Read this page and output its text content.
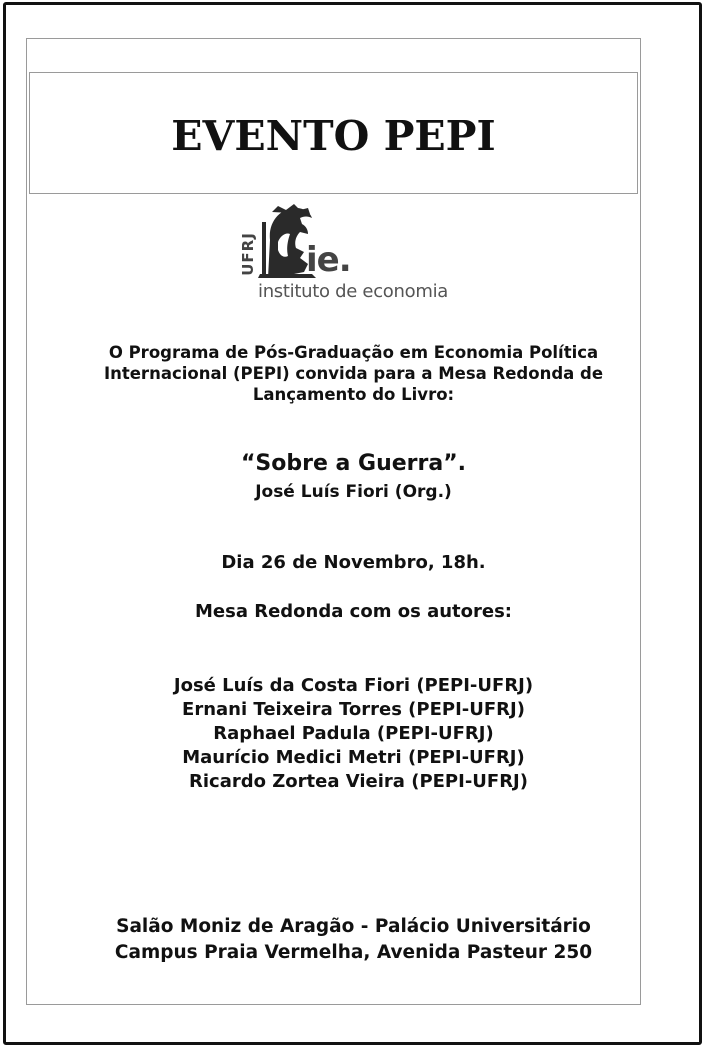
EVENTO PEPI
UFRJ ie.
instituto de economia
O Programa de Pós-Graduação em Economia Política
Internacional (PEPI) convida para a Mesa Redonda de
Lançamento do Livro:
“Sobre a Guerra”.
José Luís Fiori (Org.)
Dia 26 de Novembro, 18h.
Mesa Redonda com os autores:
José Luís da Costa Fiori (PEPI-UFRJ)
Ernani Teixeira Torres (PEPI-UFRJ)
Raphael Padula (PEPI-UFRJ)
Maurício Medici Metri (PEPI-UFRJ)
Ricardo Zortea Vieira (PEPI-UFRJ)
Salão Moniz de Aragão - Palácio Universitário
Campus Praia Vermelha, Avenida Pasteur 250
